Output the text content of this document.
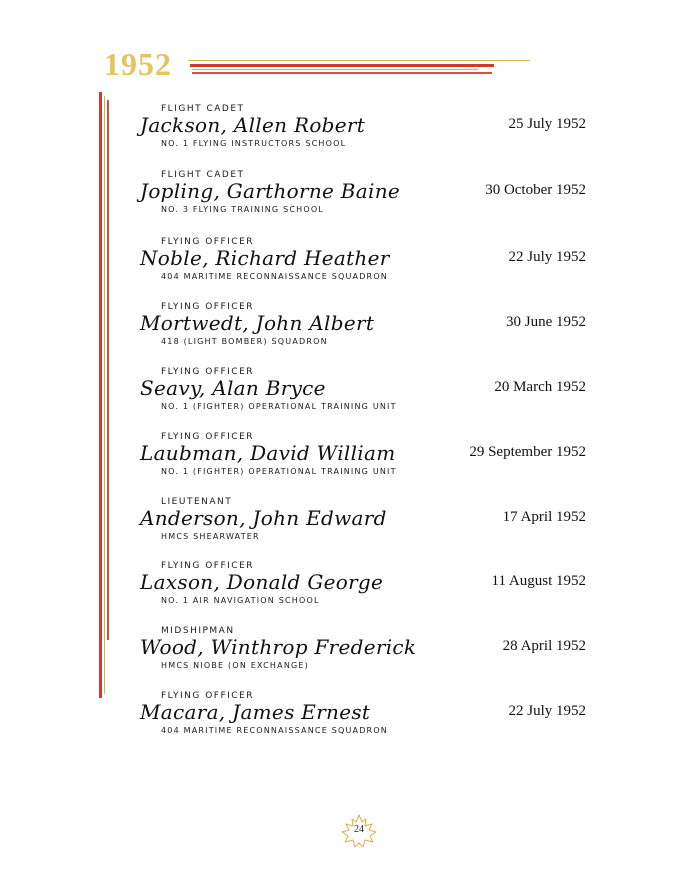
1952
FLIGHT CADET
Jackson, Allen Robert
NO. 1 FLYING INSTRUCTORS SCHOOL
25 July 1952
FLIGHT CADET
Jopling, Garthorne Baine
NO. 3 FLYING TRAINING SCHOOL
30 October 1952
FLYING OFFICER
Noble, Richard Heather
404 MARITIME RECONNAISSANCE SQUADRON
22 July 1952
FLYING OFFICER
Mortwedt, John Albert
418 (LIGHT BOMBER) SQUADRON
30 June 1952
FLYING OFFICER
Seavy, Alan Bryce
NO. 1 (FIGHTER) OPERATIONAL TRAINING UNIT
20 March 1952
FLYING OFFICER
Laubman, David William
NO. 1 (FIGHTER) OPERATIONAL TRAINING UNIT
29 September 1952
LIEUTENANT
Anderson, John Edward
HMCS SHEARWATER
17 April 1952
FLYING OFFICER
Laxson, Donald George
NO. 1 AIR NAVIGATION SCHOOL
11 August 1952
MIDSHIPMAN
Wood, Winthrop Frederick
HMCS NIOBE (ON EXCHANGE)
28 April 1952
FLYING OFFICER
Macara, James Ernest
404 MARITIME RECONNAISSANCE SQUADRON
22 July 1952
24
